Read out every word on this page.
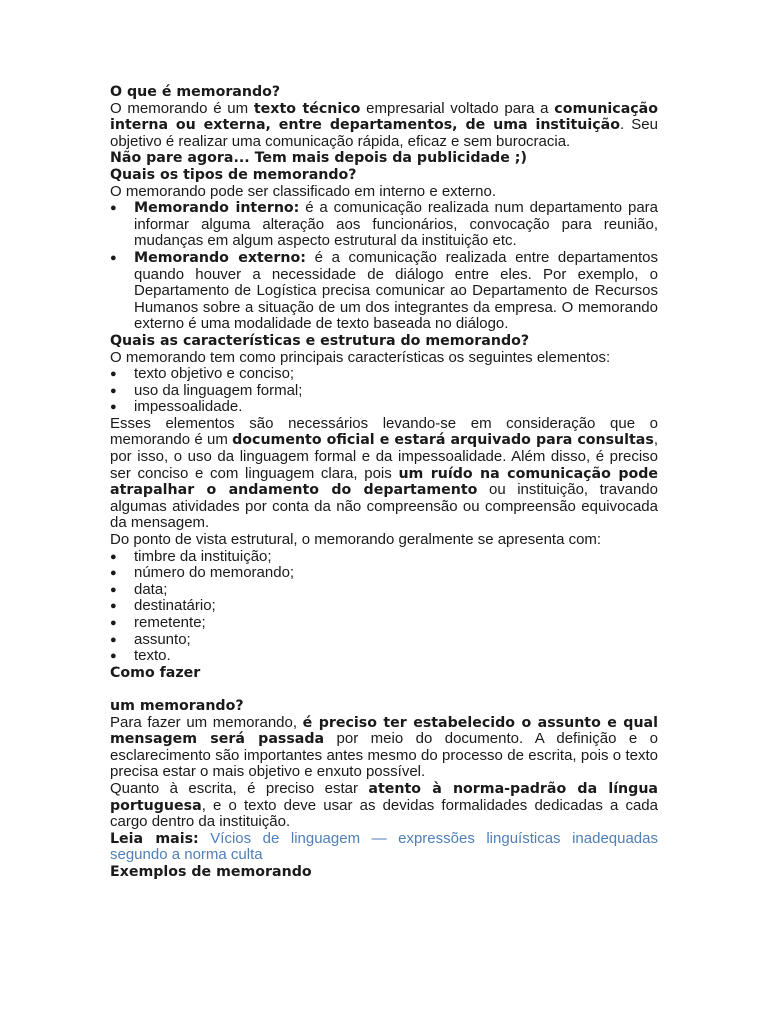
O que é memorando?

O memorando é um texto técnico empresarial voltado para a comunicação interna ou externa, entre departamentos, de uma instituição. Seu objetivo é realizar uma comunicação rápida, eficaz e sem burocracia.

Não pare agora... Tem mais depois da publicidade ;)

Quais os tipos de memorando?

O memorando pode ser classificado em interno e externo.

●	Memorando interno: é a comunicação realizada num departamento para informar alguma alteração aos funcionários, convocação para reunião, mudanças em algum aspecto estrutural da instituição etc.
●	Memorando externo: é a comunicação realizada entre departamentos quando houver a necessidade de diálogo entre eles. Por exemplo, o Departamento de Logística precisa comunicar ao Departamento de Recursos Humanos sobre a situação de um dos integrantes da empresa. O memorando externo é uma modalidade de texto baseada no diálogo.
Quais as características e estrutura do memorando?

O memorando tem como principais características os seguintes elementos:

●	texto objetivo e conciso;
●	uso da linguagem formal;
●	impessoalidade.

Esses elementos são necessários levando-se em consideração que o memorando é um documento oficial e estará arquivado para consultas, por isso, o uso da linguagem formal e da impessoalidade. Além disso, é preciso ser conciso e com linguagem clara, pois um ruído na comunicação pode atrapalhar o andamento do departamento ou instituição, travando algumas atividades por conta da não compreensão ou compreensão equivocada da mensagem.

Do ponto de vista estrutural, o memorando geralmente se apresenta com:

●	timbre da instituição;
●	número do memorando;
●	data;
●	destinatário;
●	remetente;
●	assunto;
●	texto.
Como fazer
um memorando?

Para fazer um memorando, é preciso ter estabelecido o assunto e qual mensagem será passada por meio do documento. A definição e o esclarecimento são importantes antes mesmo do processo de escrita, pois o texto precisa estar o mais objetivo e enxuto possível.

Quanto à escrita, é preciso estar atento à norma-padrão da língua portuguesa, e o texto deve usar as devidas formalidades dedicadas a cada cargo dentro da instituição.

Leia mais: Vícios de linguagem — expressões linguísticas inadequadas segundo a norma culta

Exemplos de memorando
